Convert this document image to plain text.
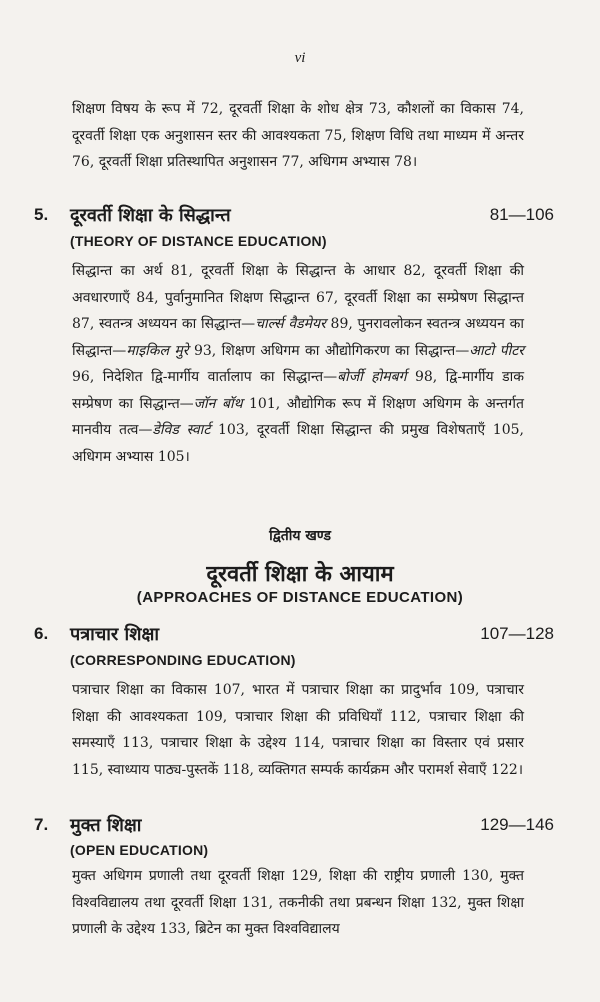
vi
शिक्षण विषय के रूप में 72, दूरवर्ती शिक्षा के शोध क्षेत्र 73, कौशलों का विकास 74, दूरवर्ती शिक्षा एक अनुशासन स्तर की आवश्यकता 75, शिक्षण विधि तथा माध्यम में अन्तर 76, दूरवर्ती शिक्षा प्रतिस्थापित अनुशासन 77, अधिगम अभ्यास 78।
5. दूरवर्ती शिक्षा के सिद्धान्त	81—106
(THEORY OF DISTANCE EDUCATION)
सिद्धान्त का अर्थ 81, दूरवर्ती शिक्षा के सिद्धान्त के आधार 82, दूरवर्ती शिक्षा की अवधारणाएँ 84, पुर्वानुमानित शिक्षण सिद्धान्त 67, दूरवर्ती शिक्षा का सम्प्रेषण सिद्धान्त 87, स्वतन्त्र अध्ययन का सिद्धान्त—चार्ल्स वैडमेयर 89, पुनरावलोकन स्वतन्त्र अध्ययन का सिद्धान्त—माइकिल मुरे 93, शिक्षण अधिगम का औद्योगिकरण का सिद्धान्त—आटो पीटर 96, निदेशित द्वि-मार्गीय वार्तालाप का सिद्धान्त—बोर्जी होमबर्ग 98, द्वि-मार्गीय डाक सम्प्रेषण का सिद्धान्त—जॉन बॉथ 101, औद्योगिक रूप में शिक्षण अधिगम के अन्तर्गत मानवीय तत्व—डेविड स्वार्ट 103, दूरवर्ती शिक्षा सिद्धान्त की प्रमुख विशेषताएँ 105, अधिगम अभ्यास 105।
द्वितीय खण्ड
दूरवर्ती शिक्षा के आयाम
(APPROACHES OF DISTANCE EDUCATION)
6. पत्राचार शिक्षा	107—128
(CORRESPONDING EDUCATION)
पत्राचार शिक्षा का विकास 107, भारत में पत्राचार शिक्षा का प्रादुर्भाव 109, पत्राचार शिक्षा की आवश्यकता 109, पत्राचार शिक्षा की प्रविधियाँ 112, पत्राचार शिक्षा की समस्याएँ 113, पत्राचार शिक्षा के उद्देश्य 114, पत्राचार शिक्षा का विस्तार एवं प्रसार 115, स्वाध्याय पाठ्य-पुस्तकें 118, व्यक्तिगत सम्पर्क कार्यक्रम और परामर्श सेवाएँ 122।
7. मुक्त शिक्षा	129—146
(OPEN EDUCATION)
मुक्त अधिगम प्रणाली तथा दूरवर्ती शिक्षा 129, शिक्षा की राष्ट्रीय प्रणाली 130, मुक्त विश्वविद्यालय तथा दूरवर्ती शिक्षा 131, तकनीकी तथा प्रबन्धन शिक्षा 132, मुक्त शिक्षा प्रणाली के उद्देश्य 133, ब्रिटेन का मुक्त विश्वविद्यालय
